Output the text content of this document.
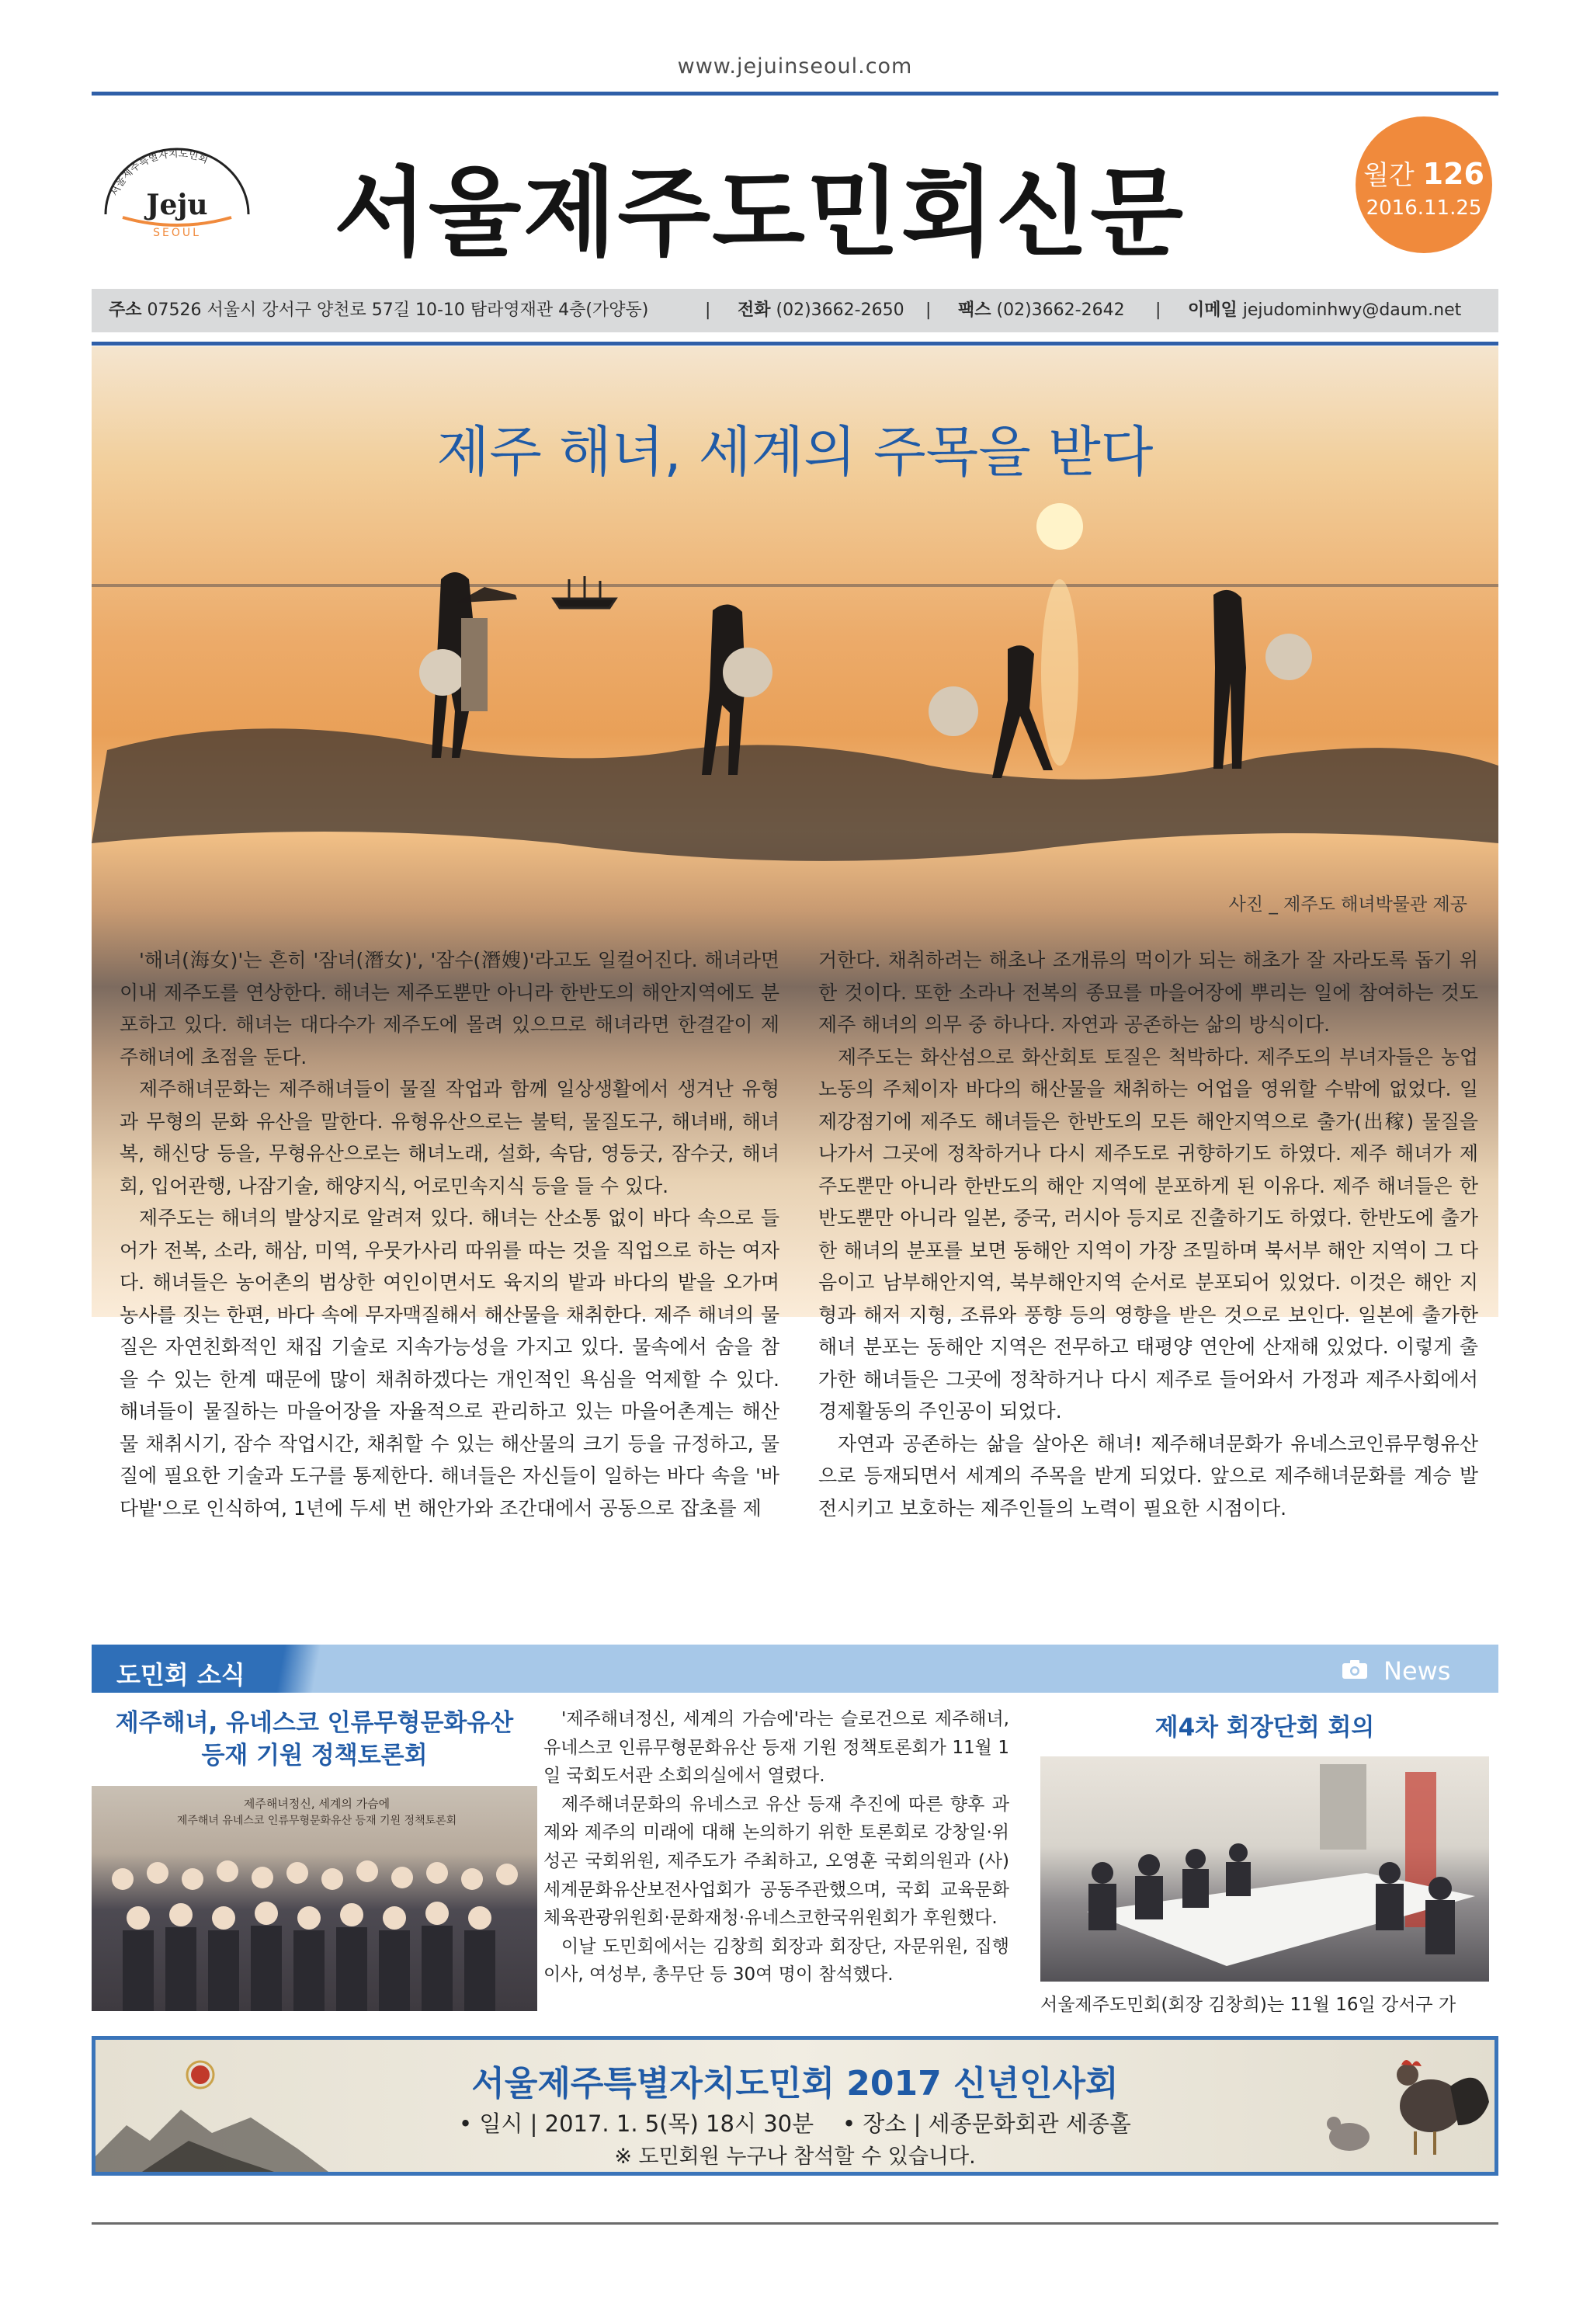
www.jejuinseoul.com
서울제주특별자치도민회
Jeju
SEOUL 서울제주도민회신문	월간 126
2016.11.25
주소 07526 서울시 강서구 양천로 57길 10-10 탐라영재관 4층(가양동)	| 전화 (02)3662-2650 | 팩스 (02)3662-2642 | 이메일 jejudominhwy@daum.net
제주 해녀, 세계의 주목을 받다
사진 _ 제주도 해녀박물관 제공

'해녀(海女)'는 흔히 '잠녀(潛女)', '잠수(潛嫂)'라고도 일컬어진다. 해녀라면 이내 제주도를 연상한다. 해녀는 제주도뿐만 아니라 한반도의 해안지역에도 분포하고 있다. 해녀는 대다수가 제주도에 몰려 있으므로 해녀라면 한결같이 제주해녀에 초점을 둔다.

제주해녀문화는 제주해녀들이 물질 작업과 함께 일상생활에서 생겨난 유형과 무형의 문화 유산을 말한다. 유형유산으로는 불턱, 물질도구, 해녀배, 해녀복, 해신당 등을, 무형유산으로는 해녀노래, 설화, 속담, 영등굿, 잠수굿, 해녀회, 입어관행, 나잠기술, 해양지식, 어로민속지식 등을 들 수 있다.

제주도는 해녀의 발상지로 알려져 있다. 해녀는 산소통 없이 바다 속으로 들어가 전복, 소라, 해삼, 미역, 우뭇가사리 따위를 따는 것을 직업으로 하는 여자다. 해녀들은 농어촌의 범상한 여인이면서도 육지의 밭과 바다의 밭을 오가며 농사를 짓는 한편, 바다 속에 무자맥질해서 해산물을 채취한다. 제주 해녀의 물질은 자연친화적인 채집 기술로 지속가능성을 가지고 있다. 물속에서 숨을 참을 수 있는 한계 때문에 많이 채취하겠다는 개인적인 욕심을 억제할 수 있다. 해녀들이 물질하는 마을어장을 자율적으로 관리하고 있는 마을어촌계는 해산물 채취시기, 잠수 작업시간, 채취할 수 있는 해산물의 크기 등을 규정하고, 물질에 필요한 기술과 도구를 통제한다. 해녀들은 자신들이 일하는 바다 속을 '바다밭'으로 인식하여, 1년에 두세 번 해안가와 조간대에서 공동으로 잡초를 제

거한다. 채취하려는 해초나 조개류의 먹이가 되는 해초가 잘 자라도록 돕기 위한 것이다. 또한 소라나 전복의 종묘를 마을어장에 뿌리는 일에 참여하는 것도 제주 해녀의 의무 중 하나다. 자연과 공존하는 삶의 방식이다.

제주도는 화산섬으로 화산회토 토질은 척박하다. 제주도의 부녀자들은 농업 노동의 주체이자 바다의 해산물을 채취하는 어업을 영위할 수밖에 없었다. 일제강점기에 제주도 해녀들은 한반도의 모든 해안지역으로 출가(出稼) 물질을 나가서 그곳에 정착하거나 다시 제주도로 귀향하기도 하였다. 제주 해녀가 제주도뿐만 아니라 한반도의 해안 지역에 분포하게 된 이유다. 제주 해녀들은 한반도뿐만 아니라 일본, 중국, 러시아 등지로 진출하기도 하였다. 한반도에 출가한 해녀의 분포를 보면 동해안 지역이 가장 조밀하며 북서부 해안 지역이 그 다음이고 남부해안지역, 북부해안지역 순서로 분포되어 있었다. 이것은 해안 지형과 해저 지형, 조류와 풍향 등의 영향을 받은 것으로 보인다. 일본에 출가한 해녀 분포는 동해안 지역은 전무하고 태평양 연안에 산재해 있었다. 이렇게 출가한 해녀들은 그곳에 정착하거나 다시 제주로 들어와서 가정과 제주사회에서 경제활동의 주인공이 되었다.

자연과 공존하는 삶을 살아온 해녀! 제주해녀문화가 유네스코인류무형유산으로 등재되면서 세계의 주목을 받게 되었다. 앞으로 제주해녀문화를 계승 발전시키고 보호하는 제주인들의 노력이 필요한 시점이다.

도민회 소식	News
제주해녀, 유네스코 인류무형문화유산
등재 기원 정책토론회
제주해녀정신, 세계의 가슴에
제주해녀 유네스코 인류무형문화유산 등재 기원 정책토론회

'제주해녀정신, 세계의 가슴에'라는 슬로건으로 제주해녀, 유네스코 인류무형문화유산 등재 기원 정책토론회가 11월 1일 국회도서관 소회의실에서 열렸다.

제주해녀문화의 유네스코 유산 등재 추진에 따른 향후 과제와 제주의 미래에 대해 논의하기 위한 토론회로 강창일·위성곤 국회위원, 제주도가 주최하고, 오영훈 국회의원과 (사)세계문화유산보전사업회가 공동주관했으며, 국회 교육문화체육관광위원회·문화재청·유네스코한국위원회가 후원했다.

이날 도민회에서는 김창희 회장과 회장단, 자문위원, 집행이사, 여성부, 총무단 등 30여 명이 참석했다.

제4차 회장단회 회의
서울제주도민회(회장 김창희)는 11월 16일 강서구 가
서울제주특별자치도민회 2017 신년인사회
• 일시 | 2017. 1. 5(목) 18시 30분 • 장소 | 세종문화회관 세종홀
※ 도민회원 누구나 참석할 수 있습니다.
